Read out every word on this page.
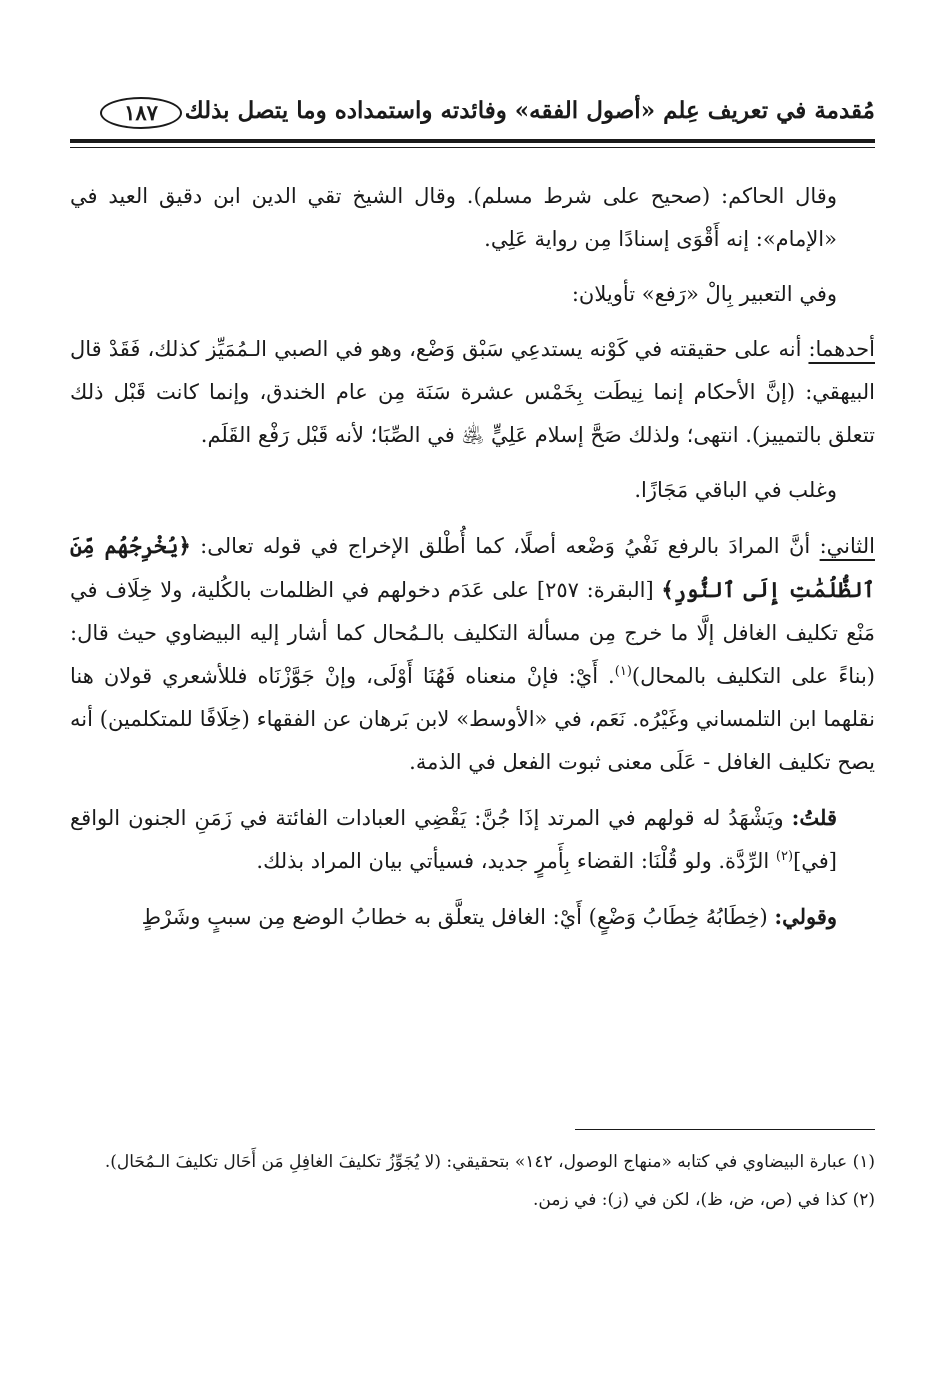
مُقدمة في تعريف عِلم «أصول الفقه» وفائدته واستمداده وما يتصل بذلك
١٨٧

وقال الحاكم: (صحيح على شرط مسلم). وقال الشيخ تقي الدين ابن دقيق العيد في «الإمام»: إنه أَقْوَى إسنادًا مِن رواية عَلِي.

وفي التعبير بِالْ «رَفع» تأويلان:

أحدهما: أنه على حقيقته في كَوْنه يستدعِي سَبْق وَضْع، وهو في الصبي الـمُمَيِّز كذلك، فَقَدْ قال البيهقي: (إنَّ الأحكام إنما نِيطَت بِخَمْس عشرة سَنَة مِن عام الخندق، وإنما كانت قَبْل ذلك تتعلق بالتمييز). انتهى؛ ولذلك صَحَّ إسلام عَلِيٍّ ﵁ في الصِّبَا؛ لأنه قَبْل رَفْع القَلَم.

وغلب في الباقي مَجَازًا.

الثاني: أنَّ المرادَ بالرفع نَفْيُ وَضْعه أصلًا، كما أُطْلق الإخراج في قوله تعالى: ﴿يُخْرِجُهُم مِّنَ ٱلظُّلُمَٰتِ إِلَى ٱلنُّورِ﴾ [البقرة: ٢٥٧] على عَدَم دخولهم في الظلمات بالكُلية، ولا خِلَاف في مَنْع تكليف الغافل إلَّا ما خرج مِن مسألة التكليف بالـمُحال كما أشار إليه البيضاوي حيث قال: (بناءً على التكليف بالمحال)$^{(١)}$. أَيْ: فإنْ منعناه فَهُنَا أَوْلَى، وإنْ جَوَّزْنَاه فللأشعري قولان هنا نقلهما ابن التلمساني وغَيْرُه. نَعَم، في «الأوسط» لابن بَرهان عن الفقهاء (خِلَافًا للمتكلمين) أنه يصح تكليف الغافل - عَلَى معنى ثبوت الفعل في الذمة.

قلتُ: ويَشْهَدُ له قولهم في المرتد إذَا جُنَّ: يَقْضِي العبادات الفائتة في زَمَنِ الجنون الواقع [في]$^{(٢)}$ الرِّدَّة. ولو قُلْنَا: القضاء بِأَمرٍ جديد، فسيأتي بيان المراد بذلك.

وقولي: (خِطَابُهُ خِطَابُ وَضْعٍ) أَيْ: الغافل يتعلَّق به خطابُ الوضع مِن سببٍ وشَرْطٍ

(١) عبارة البيضاوي في كتابه «منهاج الوصول، ١٤٢» بتحقيقي: (لا يُجَوِّزُ تكليفَ الغافِلِ مَن أَحَال تكليفَ الـمُحَال).

(٢) كذا في (ص، ض، ظ)، لكن في (ز): في زمن.
